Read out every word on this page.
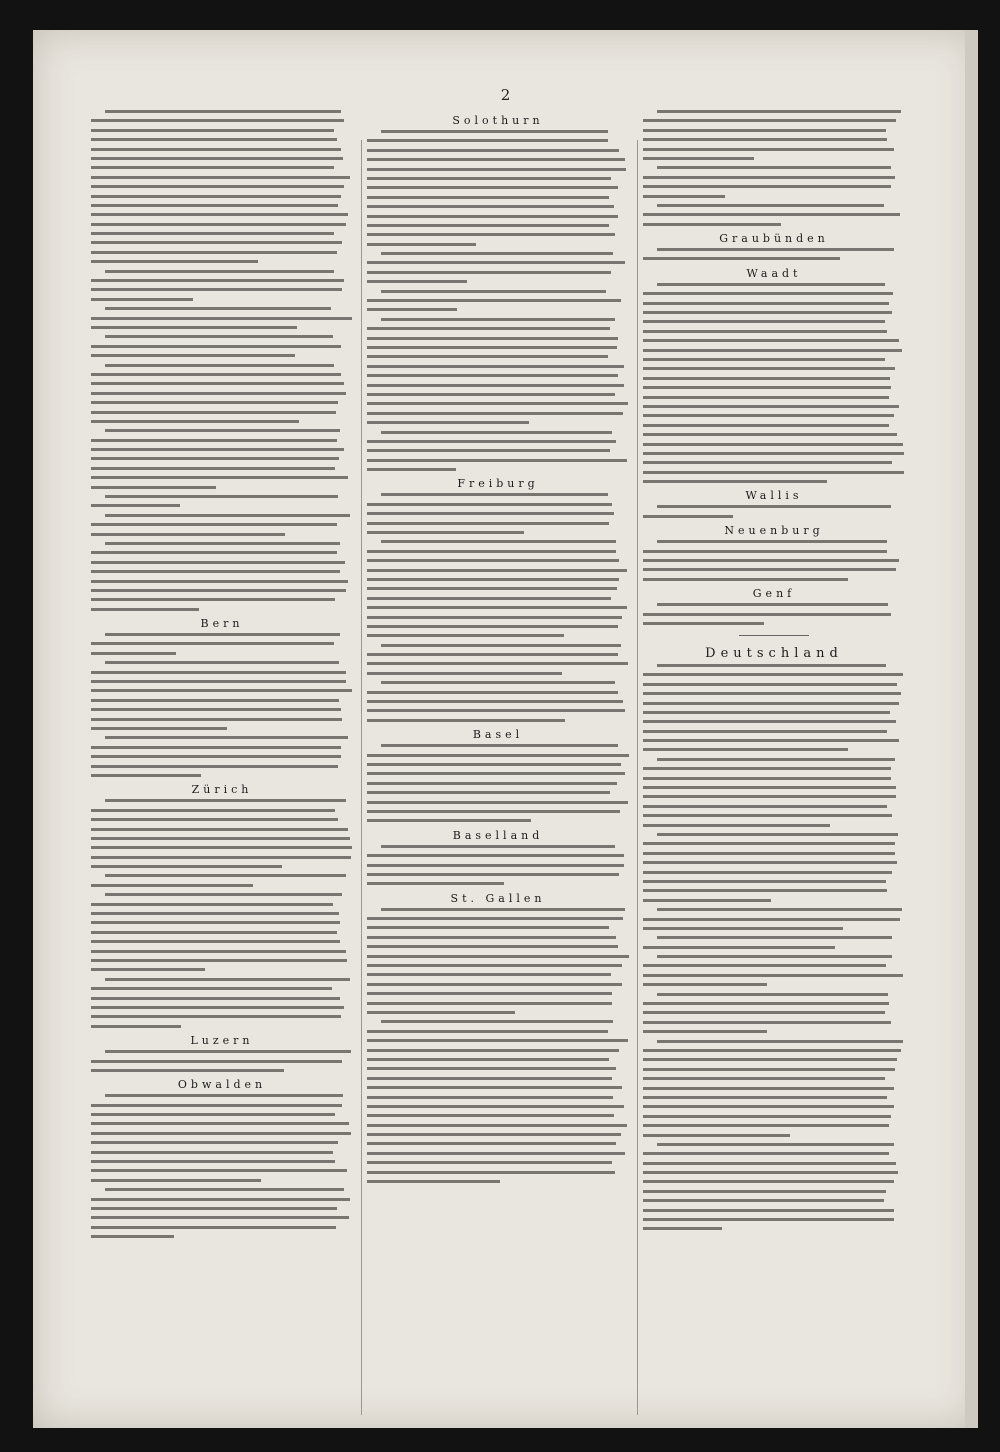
2
Bern
Zürich
Luzern
Obwalden
Solothurn
Freiburg
Basel
Baselland
St. Gallen
Graubünden
Waadt
Wallis
Neuenburg
Genf
Deutschland
